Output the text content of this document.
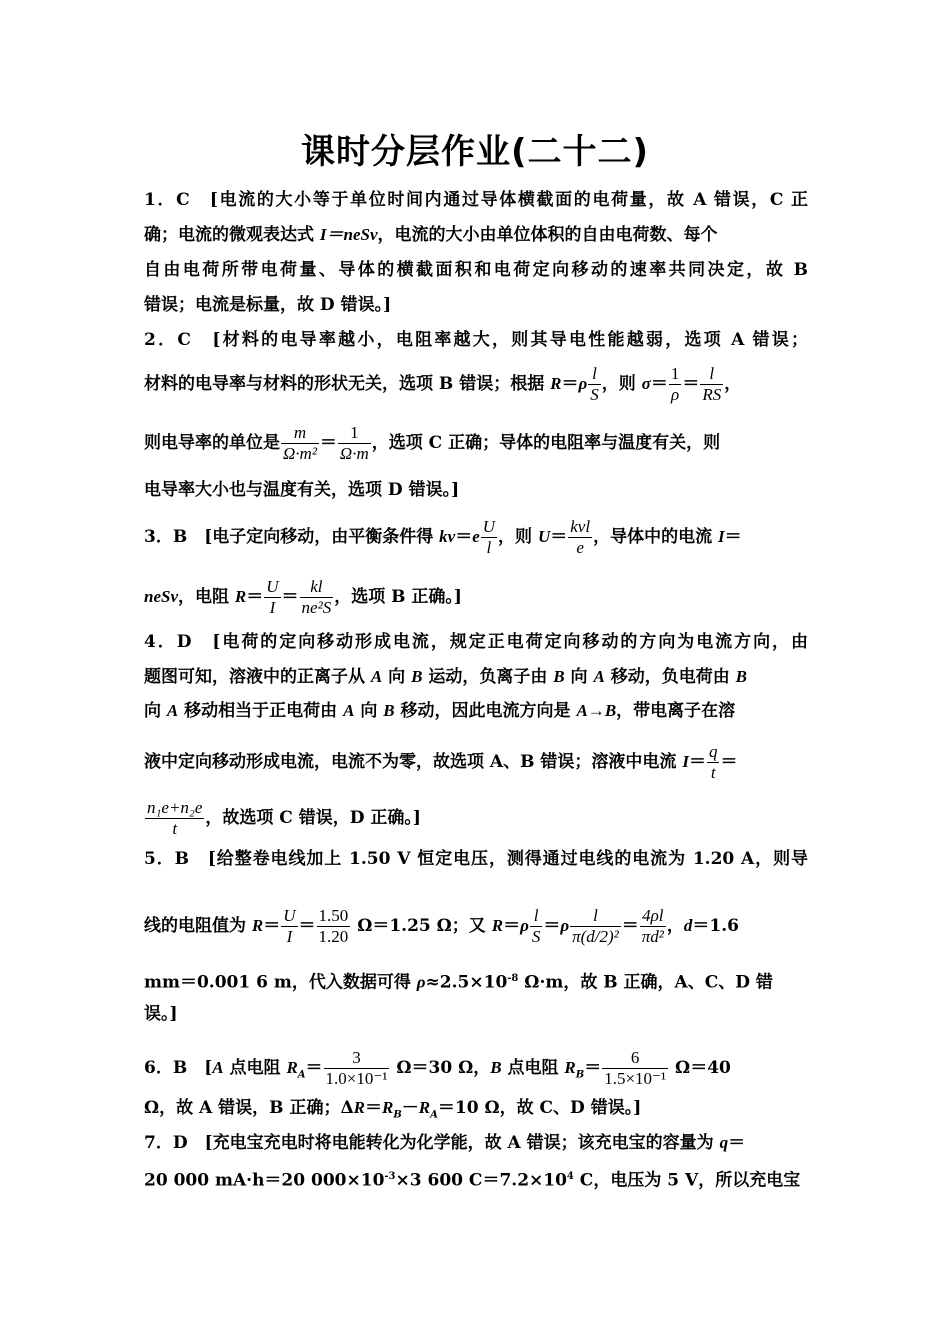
课时分层作业(二十二)
1．C　[电流的大小等于单位时间内通过导体横截面的电荷量，故 A 错误，C 正
确；电流的微观表达式 I＝neSv，电流的大小由单位体积的自由电荷数、每个
自由电荷所带电荷量、导体的横截面积和电荷定向移动的速率共同决定，故 B
错误；电流是标量，故 D 错误。]
2．C　[材料的电导率越小，电阻率越大，则其导电性能越弱，选项 A 错误；
材料的电导率与材料的形状无关，选项 B 错误；根据 $R=\rho \frac{l}{S}$ ，则 $\sigma= \frac{1}{\rho} = \frac{l}{RS}$ ，
则电导率的单位是 $\frac{m}{\text{Ω·m²}} = \frac{1}{\Omega\cdot m}$ ，选项 C 正确；导体的电阻率与温度有关，则
电导率大小也与温度有关，选项 D 错误。]
3．B　[电子定向移动，由平衡条件得 $kv=e \frac{U}{l}$ ，则 $U= \frac{\text{kvl}}{e}$ ，导体中的电流 I＝
neSv，电阻 $R= \frac{U}{I} = \frac{kl}{\text{ne²S}}$ ，选项 B 正确。]
4．D　[电荷的定向移动形成电流，规定正电荷定向移动的方向为电流方向，由
题图可知，溶液中的正离子从 A 向 B 运动，负离子由 B 向 A 移动，负电荷由 B
向 A 移动相当于正电荷由 A 向 B 移动，因此电流方向是 A→B，带电离子在溶
液中定向移动形成电流，电流不为零，故选项 A、B 错误；溶液中电流 $I= \frac{q}{t}$ ＝
$\frac{\text{n₁e+n₂e}}{t}$ ，故选项 C 错误，D 正确。]
5．B　[给整卷电线加上 1.50 V 恒定电压，测得通过电线的电流为 1.20 A，则导
线的电阻值为 $R= \frac{U}{I} = \frac{1.50}{1.20} \Omega=1.25$ Ω；又 $R=\rho \frac{l}{S} =\rho \frac{l}{\text{π(d/2)²}} = \frac{4\rho l}{\text{πd²}}$ ，d＝1.6
mm＝0.001 6 m，代入数据可得 $\rho\approx 2.5\times 10^{-8}$ Ω·m，故 B 正确，A、C、D 错
误。]
6．B　[A 点电阻 $R_A= \frac{3}{\text{1.0×10⁻¹}} \Omega=30$ Ω，B 点电阻 $R_B= \frac{6}{\text{1.5×10⁻¹}} \Omega=40$
Ω，故 A 错误，B 正确；$\Delta R=R_B-R_A=10$ Ω，故 C、D 错误。]
7．D　[充电宝充电时将电能转化为化学能，故 A 错误；该充电宝的容量为 q＝
20 000 mA·h＝20 $000\times 10^{-3}\times 3$ 600 $C=7.2\times 10^4$ C，电压为 5 V，所以充电宝
